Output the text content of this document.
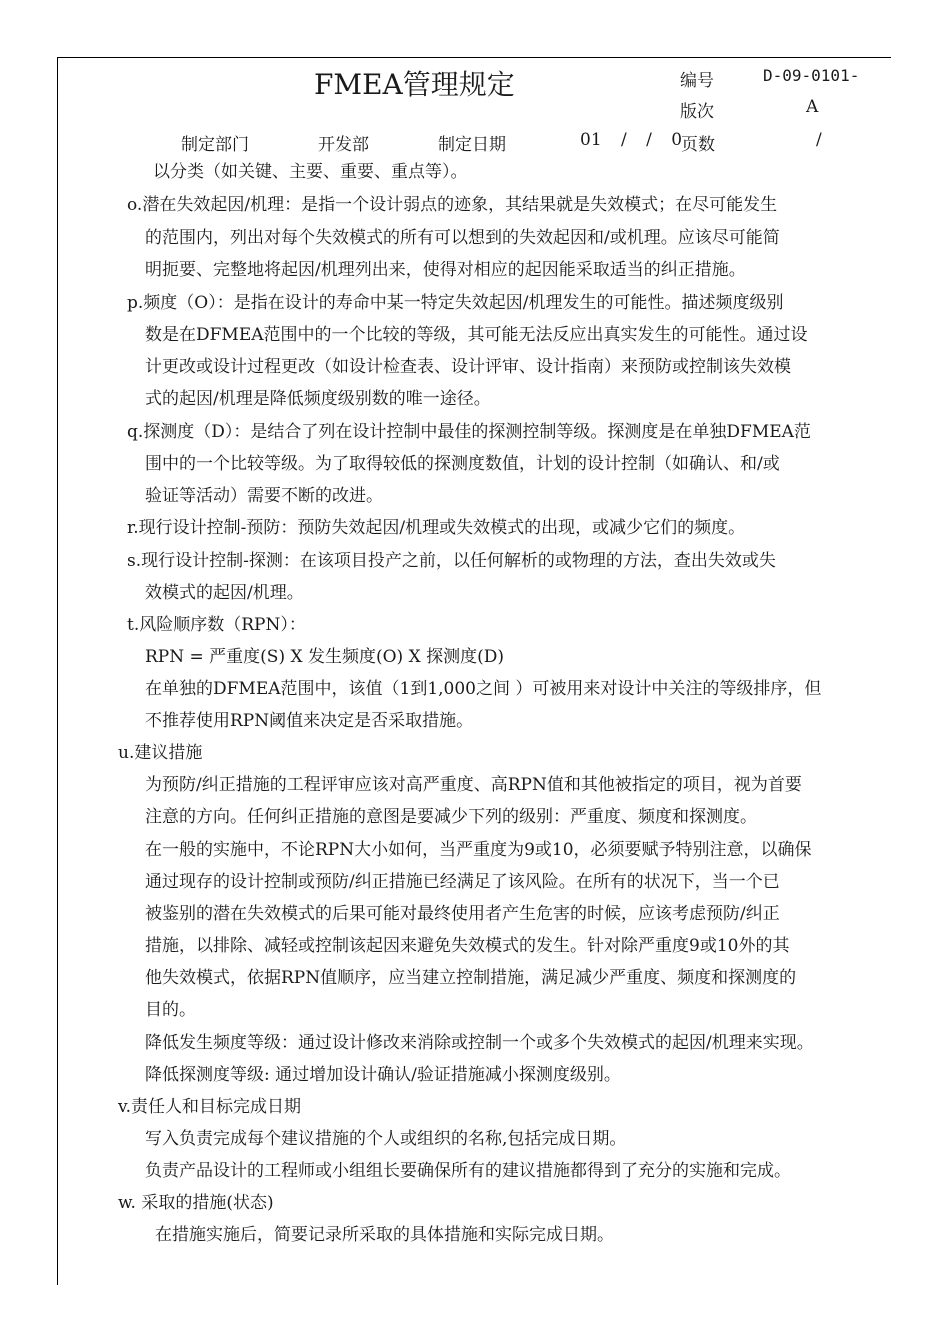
FMEA管理规定	编号	D-09-0101-
版次	A
制定部门	开发部	制定日期	01 / / 0
页数	/
以分类（如关键、主要、重要、重点等）。
o.潜在失效起因/机理：是指一个设计弱点的迹象，其结果就是失效模式；在尽可能发生
的范围内，列出对每个失效模式的所有可以想到的失效起因和/或机理。应该尽可能简
明扼要、完整地将起因/机理列出来，使得对相应的起因能采取适当的纠正措施。
p.频度（O）：是指在设计的寿命中某一特定失效起因/机理发生的可能性。描述频度级别
数是在DFMEA范围中的一个比较的等级，其可能无法反应出真实发生的可能性。通过设
计更改或设计过程更改（如设计检查表、设计评审、设计指南）来预防或控制该失效模
式的起因/机理是降低频度级别数的唯一途径。
q.探测度（D）：是结合了列在设计控制中最佳的探测控制等级。探测度是在单独DFMEA范
围中的一个比较等级。为了取得较低的探测度数值，计划的设计控制（如确认、和/或
验证等活动）需要不断的改进。
r.现行设计控制-预防：预防失效起因/机理或失效模式的出现，或减少它们的频度。
s.现行设计控制-探测：在该项目投产之前，以任何解析的或物理的方法，查出失效或失
效模式的起因/机理。
t.风险顺序数（RPN）：
RPN = 严重度(S) X 发生频度(O) X 探测度(D)
在单独的DFMEA范围中，该值（1到1,000之间 ）可被用来对设计中关注的等级排序，但
不推荐使用RPN阈值来决定是否采取措施。
u.建议措施
为预防/纠正措施的工程评审应该对高严重度、高RPN值和其他被指定的项目，视为首要
注意的方向。任何纠正措施的意图是要减少下列的级别：严重度、频度和探测度。
在一般的实施中，不论RPN大小如何，当严重度为9或10，必须要赋予特别注意，以确保
通过现存的设计控制或预防/纠正措施已经满足了该风险。在所有的状况下，当一个已
被鉴别的潜在失效模式的后果可能对最终使用者产生危害的时候，应该考虑预防/纠正
措施，以排除、减轻或控制该起因来避免失效模式的发生。针对除严重度9或10外的其
他失效模式，依据RPN值顺序，应当建立控制措施，满足减少严重度、频度和探测度的
目的。
降低发生频度等级：通过设计修改来消除或控制一个或多个失效模式的起因/机理来实现。
降低探测度等级: 通过增加设计确认/验证措施减小探测度级别。
v.责任人和目标完成日期
写入负责完成每个建议措施的个人或组织的名称,包括完成日期。
负责产品设计的工程师或小组组长要确保所有的建议措施都得到了充分的实施和完成。
w. 采取的措施(状态)
在措施实施后，简要记录所采取的具体措施和实际完成日期。
